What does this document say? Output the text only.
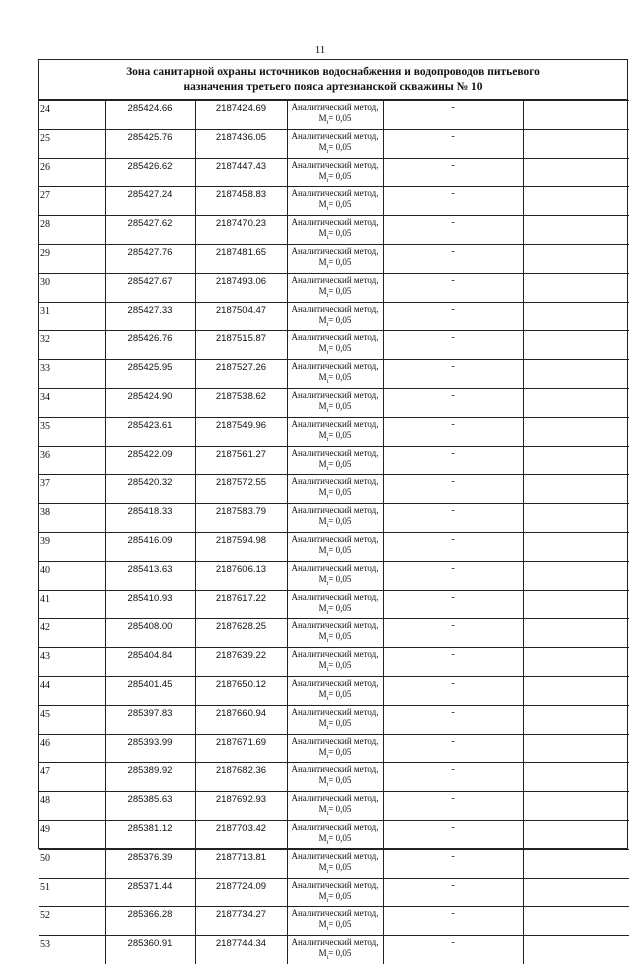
11
Зона санитарной охраны источников водоснабжения и водопроводов питьевого
назначения третьего пояса артезианской скважины № 10
24	285424.66	2187424.69	Аналитический метод,
$M_t= 0,05$	-	
25	285425.76	2187436.05	Аналитический метод,
$M_t= 0,05$	-	
26	285426.62	2187447.43	Аналитический метод,
$M_t= 0,05$	-	
27	285427.24	2187458.83	Аналитический метод,
$M_t= 0,05$	-	
28	285427.62	2187470.23	Аналитический метод,
$M_t= 0,05$	-	
29	285427.76	2187481.65	Аналитический метод,
$M_t= 0,05$	-	
30	285427.67	2187493.06	Аналитический метод,
$M_t= 0,05$	-	
31	285427.33	2187504.47	Аналитический метод,
$M_t= 0,05$	-	
32	285426.76	2187515.87	Аналитический метод,
$M_t= 0,05$	-	
33	285425.95	2187527.26	Аналитический метод,
$M_t= 0,05$	-	
34	285424.90	2187538.62	Аналитический метод,
$M_t= 0,05$	-	
35	285423.61	2187549.96	Аналитический метод,
$M_t= 0,05$	-	
36	285422.09	2187561.27	Аналитический метод,
$M_t= 0,05$	-	
37	285420.32	2187572.55	Аналитический метод,
$M_t= 0,05$	-	
38	285418.33	2187583.79	Аналитический метод,
$M_t= 0,05$	-	
39	285416.09	2187594.98	Аналитический метод,
$M_t= 0,05$	-	
40	285413.63	2187606.13	Аналитический метод,
$M_t= 0,05$	-	
41	285410.93	2187617.22	Аналитический метод,
$M_t= 0,05$	-	
42	285408.00	2187628.25	Аналитический метод,
$M_t= 0,05$	-	
43	285404.84	2187639.22	Аналитический метод,
$M_t= 0,05$	-	
44	285401.45	2187650.12	Аналитический метод,
$M_t= 0,05$	-	
45	285397.83	2187660.94	Аналитический метод,
$M_t= 0,05$	-	
46	285393.99	2187671.69	Аналитический метод,
$M_t= 0,05$	-	
47	285389.92	2187682.36	Аналитический метод,
$M_t= 0,05$	-	
48	285385.63	2187692.93	Аналитический метод,
$M_t= 0,05$	-	
49	285381.12	2187703.42	Аналитический метод,
$M_t= 0,05$	-	
50	285376.39	2187713.81	Аналитический метод,
$M_t= 0,05$	-	
51	285371.44	2187724.09	Аналитический метод,
$M_t= 0,05$	-	
52	285366.28	2187734.27	Аналитический метод,
$M_t= 0,05$	-	
53	285360.91	2187744.34	Аналитический метод,
$M_t= 0,05$	-	
